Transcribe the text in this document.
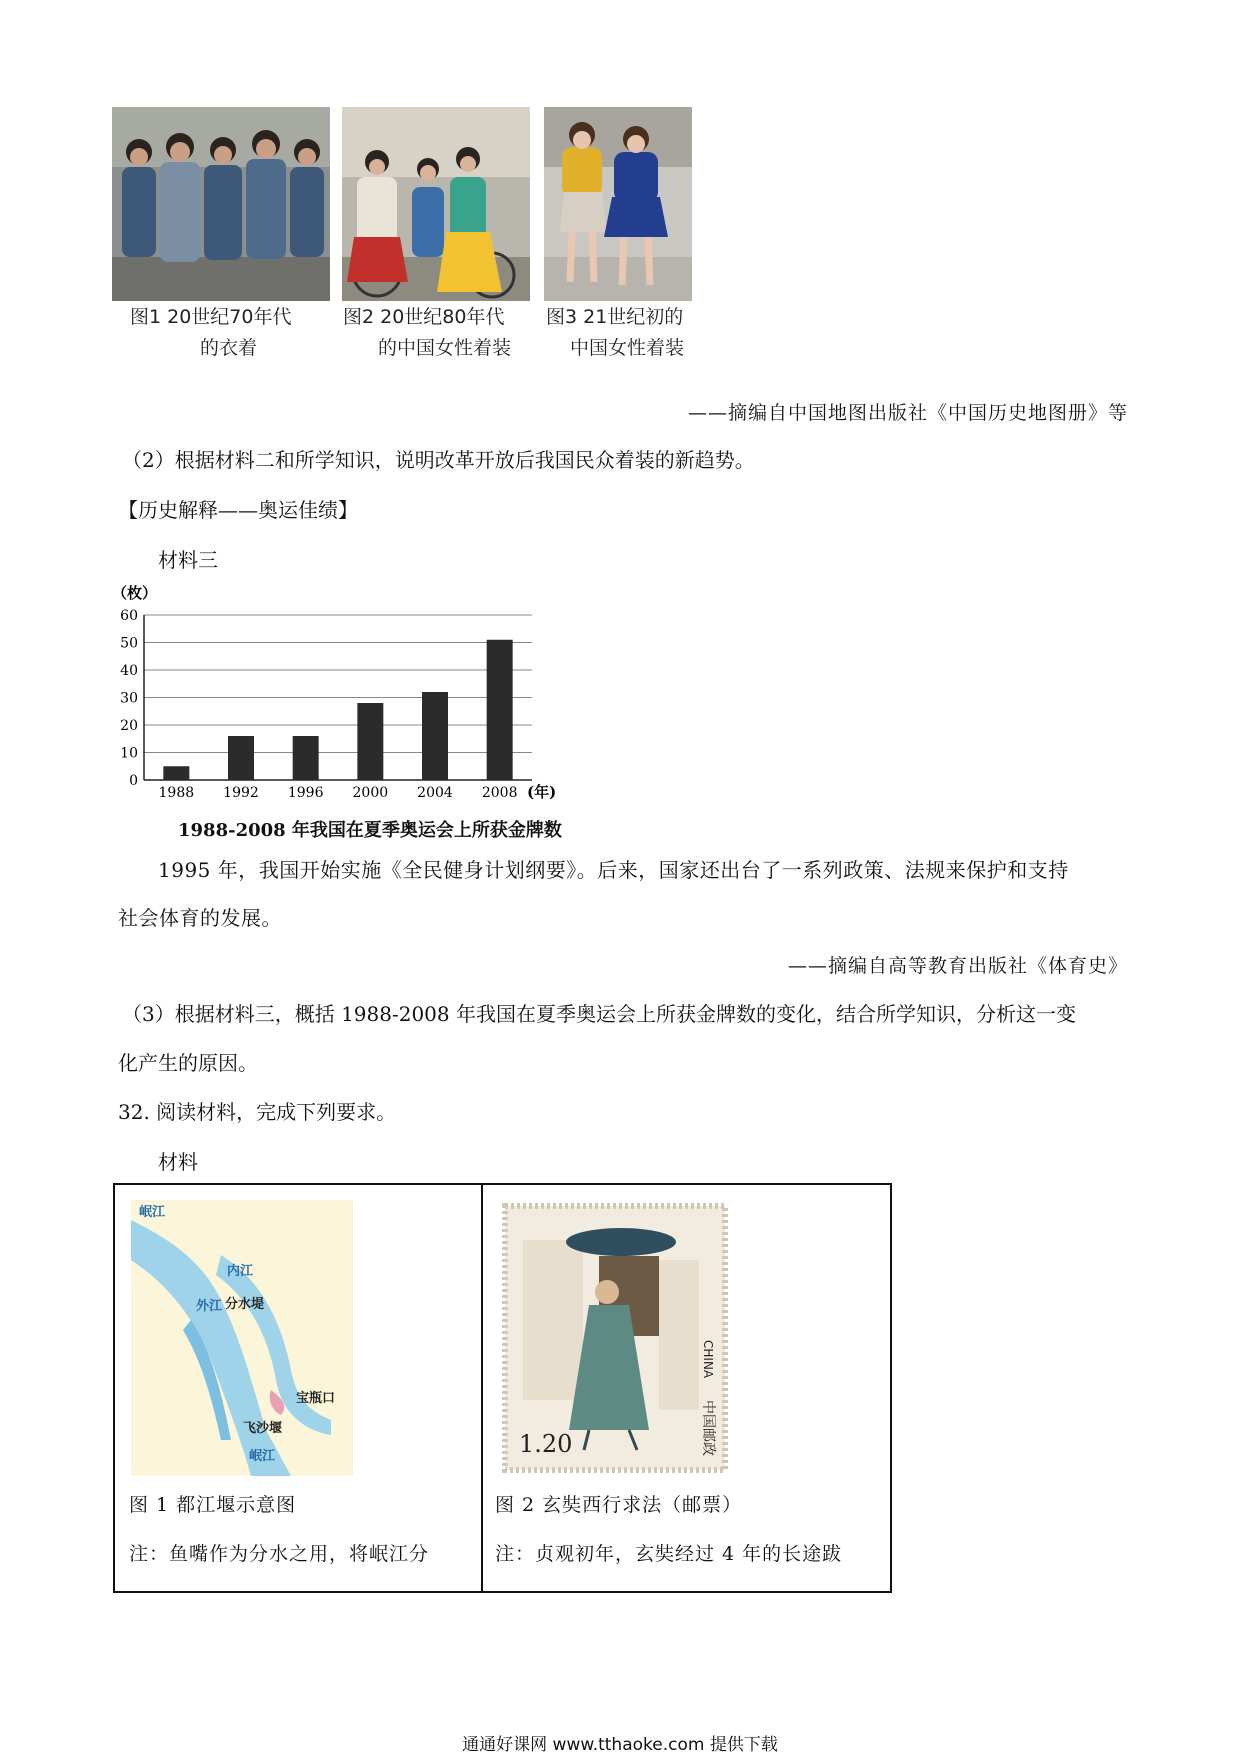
图1 20世纪70年代
的衣着
图2 20世纪80年代
的中国女性着装
图3 21世纪初的
中国女性着装
——摘编自中国地图出版社《中国历史地图册》等
（2）根据材料二和所学知识，说明改革开放后我国民众着装的新趋势。
【历史解释——奥运佳绩】
材料三
0
10
20
30
40
50
60
1988 1992 1996 2000 2004 2008
（枚）
(年)
1988-2008 年我国在夏季奥运会上所获金牌数
1995 年，我国开始实施《全民健身计划纲要》。后来，国家还出台了一系列政策、法规来保护和支持
社会体育的发展。
——摘编自高等教育出版社《体育史》
（3）根据材料三，概括 1988-2008 年我国在夏季奥运会上所获金牌数的变化，结合所学知识，分析这一变
化产生的原因。
32. 阅读材料，完成下列要求。
材料
岷江
内江
外江 分水堤
宝瓶口
飞沙堰
岷江
图 1 都江堰示意图
注：鱼嘴作为分水之用，将岷江分
1.20	中国邮政
CHINA
图 2 玄奘西行求法（邮票）
注：贞观初年，玄奘经过 4 年的长途跋
通通好课网 www.tthaoke.com 提供下载
